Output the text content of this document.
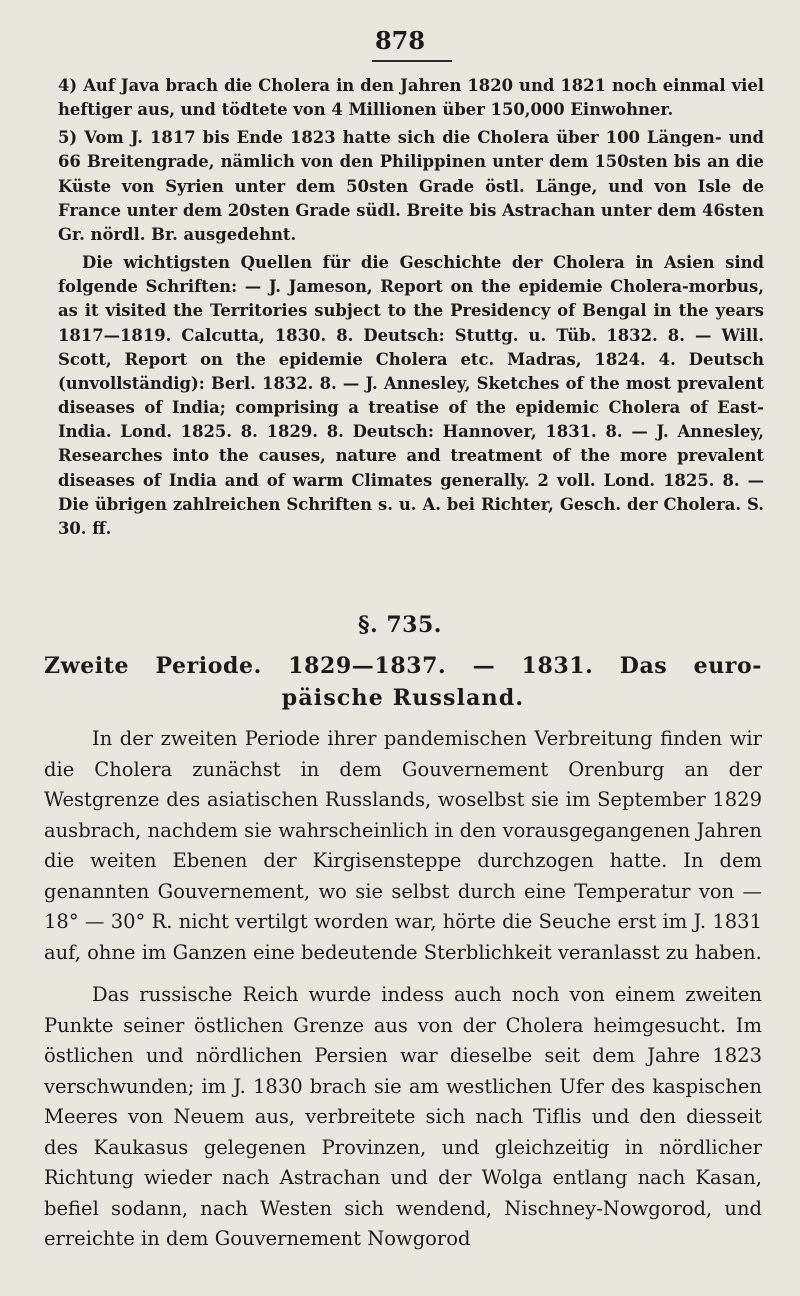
878

4) Auf Java brach die Cholera in den Jahren 1820 und 1821 noch einmal viel heftiger aus, und tödtete von 4 Millionen über 150,000 Einwohner.

5) Vom J. 1817 bis Ende 1823 hatte sich die Cholera über 100 Längen- und 66 Breitengrade, nämlich von den Philippinen unter dem 150sten bis an die Küste von Syrien unter dem 50sten Grade östl. Länge, und von Isle de France unter dem 20sten Grade südl. Breite bis Astrachan unter dem 46sten Gr. nördl. Br. ausgedehnt.

Die wichtigsten Quellen für die Geschichte der Cholera in Asien sind folgende Schriften: — J. Jameson, Report on the epidemie Cholera-morbus, as it visited the Territories subject to the Presidency of Bengal in the years 1817—1819. Calcutta, 1830. 8. Deutsch: Stuttg. u. Tüb. 1832. 8. — Will. Scott, Report on the epidemie Cholera etc. Madras, 1824. 4. Deutsch (unvollständig): Berl. 1832. 8. — J. Annesley, Sketches of the most prevalent diseases of India; comprising a treatise of the epidemic Cholera of East-India. Lond. 1825. 8. 1829. 8. Deutsch: Hannover, 1831. 8. — J. Annesley, Researches into the causes, nature and treatment of the more prevalent diseases of India and of warm Climates generally. 2 voll. Lond. 1825. 8. — Die übrigen zahlreichen Schriften s. u. A. bei Richter, Gesch. der Cholera. S. 30. ff.

§. 735.
Zweite Periode. 1829—1837. — 1831. Das euro-
päische Russland.

In der zweiten Periode ihrer pandemischen Verbreitung finden wir die Cholera zunächst in dem Gouvernement Orenburg an der Westgrenze des asiatischen Russlands, woselbst sie im September 1829 ausbrach, nachdem sie wahrscheinlich in den vorausgegangenen Jahren die weiten Ebenen der Kirgisensteppe durchzogen hatte. In dem genannten Gouvernement, wo sie selbst durch eine Temperatur von — 18° — 30° R. nicht vertilgt worden war, hörte die Seuche erst im J. 1831 auf, ohne im Ganzen eine bedeutende Sterblichkeit veranlasst zu haben.

Das russische Reich wurde indess auch noch von einem zweiten Punkte seiner östlichen Grenze aus von der Cholera heimgesucht. Im östlichen und nördlichen Persien war dieselbe seit dem Jahre 1823 verschwunden; im J. 1830 brach sie am westlichen Ufer des kaspischen Meeres von Neuem aus, verbreitete sich nach Tiflis und den diesseit des Kaukasus gelegenen Provinzen, und gleichzeitig in nördlicher Richtung wieder nach Astrachan und der Wolga entlang nach Kasan, befiel sodann, nach Westen sich wendend, Nischney-Nowgorod, und erreichte in dem Gouvernement Nowgorod
